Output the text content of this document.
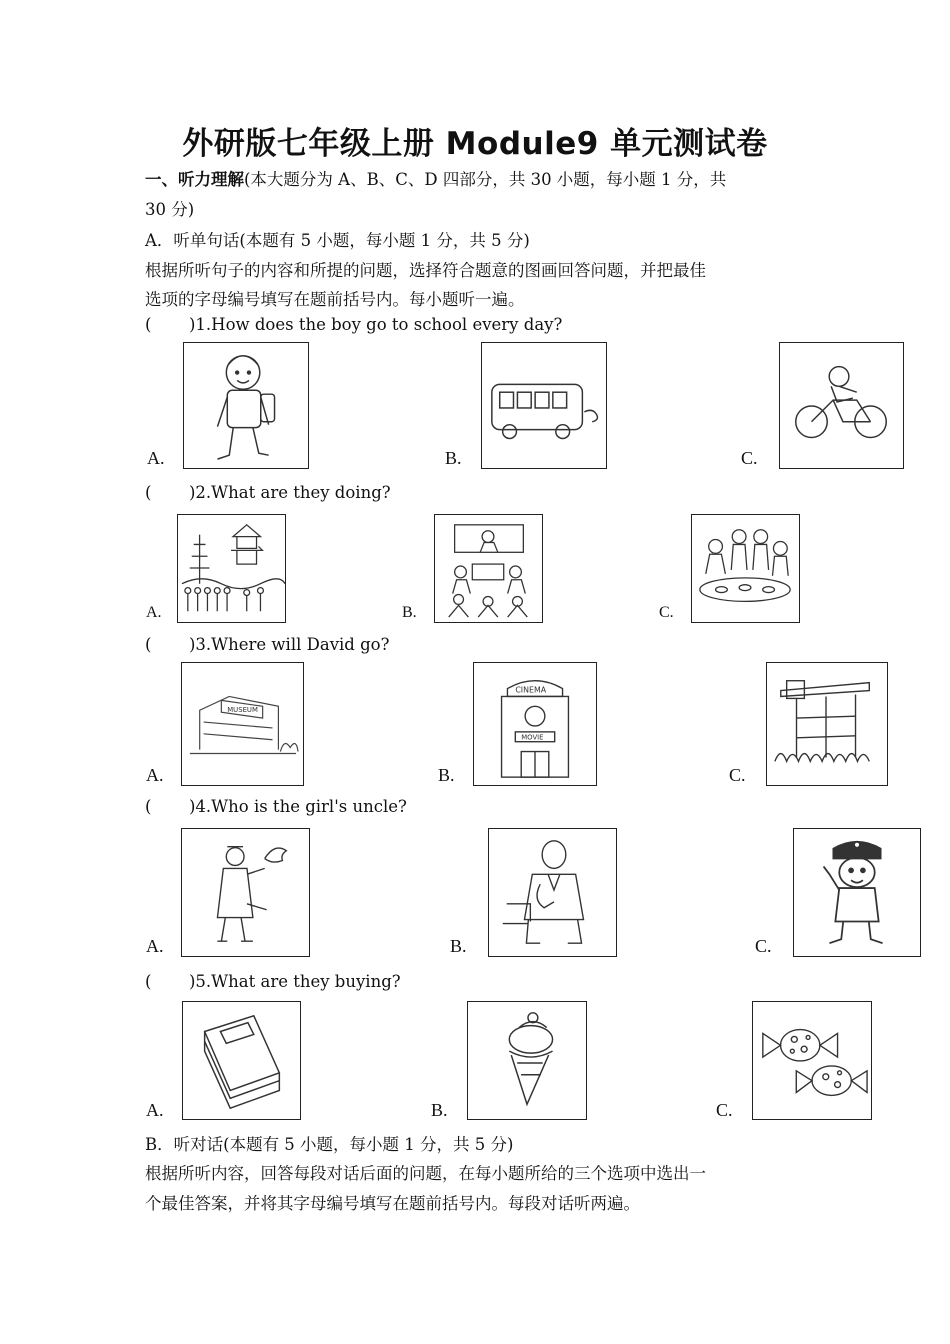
外研版七年级上册 Module9 单元测试卷
一、听力理解(本大题分为 A、B、C、D 四部分，共 30 小题，每小题 1 分，共
30 分)
A．听单句话(本题有 5 小题，每小题 1 分，共 5 分)
根据所听句子的内容和所提的问题，选择符合题意的图画回答问题，并把最佳
选项的字母编号填写在题前括号内。每小题听一遍。
( )1.How does the boy go to school every day?
A.	B.	C.
( )2.What are they doing?
A.	B.	C.
( )3.Where will David go?
A.
MUSEUM
B.
CINEMA
MOVIE
C.
( )4.Who is the girl's uncle?
A.	B.	C.
( )5.What are they buying?
A.	B.	C.
B．听对话(本题有 5 小题，每小题 1 分，共 5 分)
根据所听内容，回答每段对话后面的问题，在每小题所给的三个选项中选出一
个最佳答案，并将其字母编号填写在题前括号内。每段对话听两遍。
